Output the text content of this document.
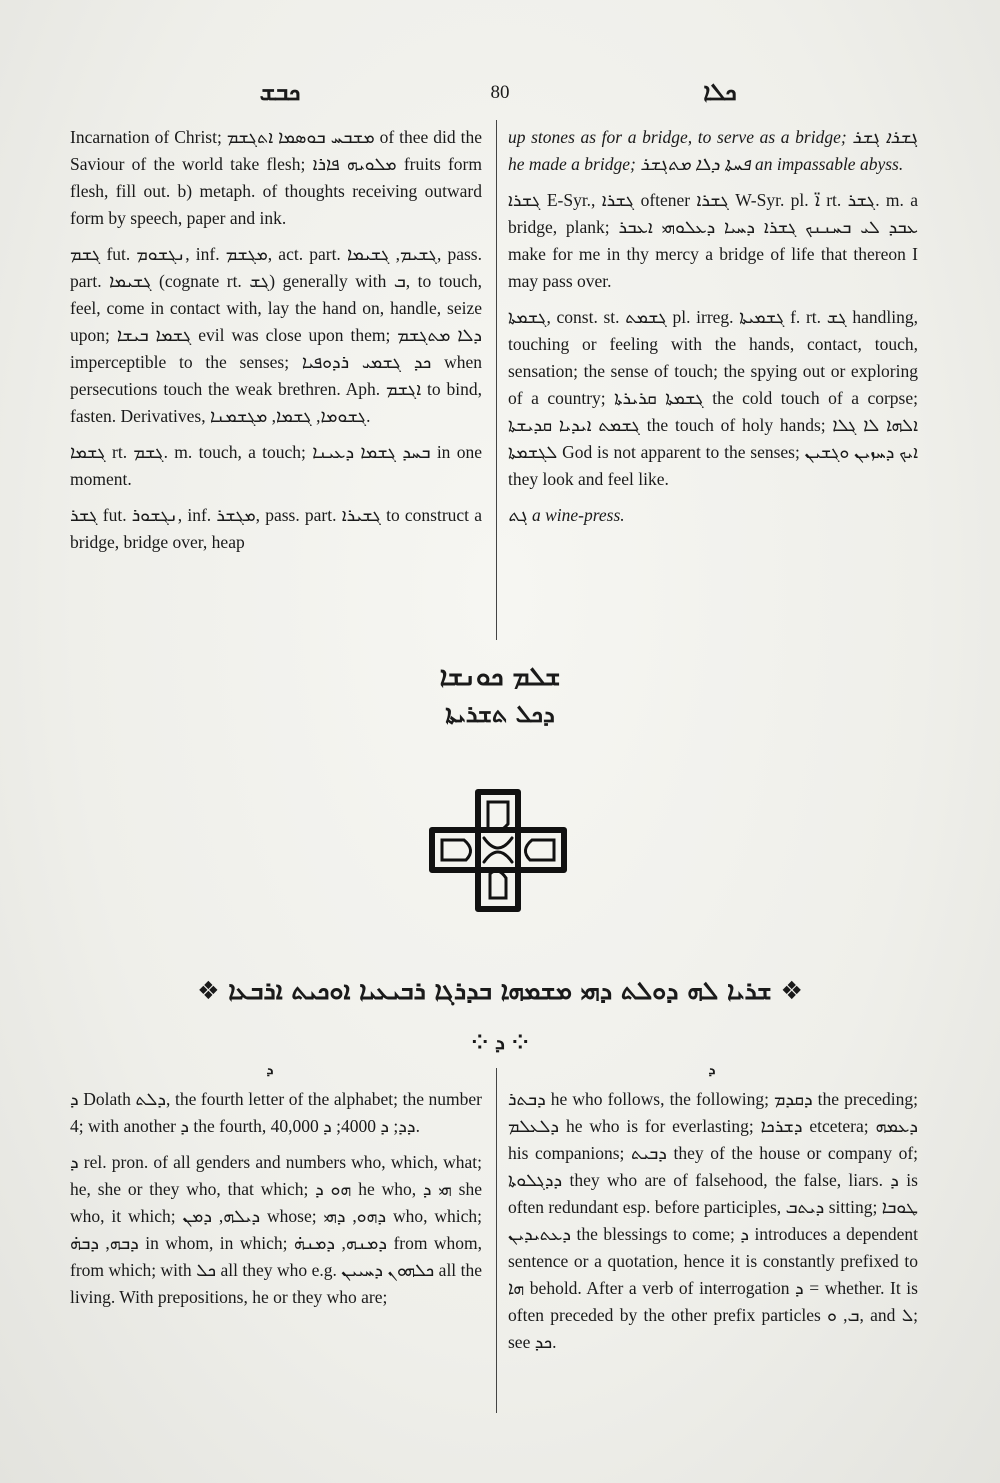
ܟܒܫ	80	ܟܠܐ

Incarnation of Christ; ܡܫܒܚ ܒܘܣܡܐ ܐܬܓܫܡ of thee did the Saviour of the world take flesh; ܡܠܘܝܗ ܦܐܪܐ fruits form flesh, fill out. b) metaph. of thoughts receiving outward form by speech, paper and ink.

ܓܫܡ fut. ܢܓܫܘܡ, inf. ܡܓܫܡ, act. part. ܓܫܝܡ, ܓܫܝܡܐ, pass. part. ܓܫܝܡܐ (cognate rt. ܓܫ) generally with ܒ, to touch, feel, come in contact with, lay the hand on, handle, seize upon; ܓܫܡܐ ܒܝܫܐ evil was close upon them; ܕܠܐ ܡܬܓܫܡ imperceptible to the senses; ܟܕ ܓܫܡܝ ܪܕܘܦܝܐ when persecutions touch the weak brethren. Aph. ܐܓܫܡ to bind, fasten. Derivatives, ܓܫܘܡܐ, ܓܫܡܐ, ܡܓܫܡܢܐ.

ܓܫܡܐ rt. ܓܫܡ. m. touch, a touch; ܒܚܕ ܓܫܡܐ ܕܥܝܢܐ in one moment.

ܓܫܪ fut. ܢܓܫܘܪ, inf. ܡܓܫܪ, pass. part. ܓܫܝܪܐ to construct a bridge, bridge over, heap

up stones as for a bridge, to serve as a bridge; ܓܫܪܐ ܓܫܪ he made a bridge; ܦܚܬܐ ܕܠܐ ܡܬܓܫܪ an impassable abyss.

ܓܫܪܐ E-Syr., ܓܫܪܐ oftener ܓܫܪܐ W-Syr. pl. ܐ̈ rt. ܓܫܪ. m. a bridge, plank; ܥܒܕ ܠܝ ܒܚܢܢܟ ܓܫܪܐ ܕܚܝܐ ܕܥܠܘܗܝ ܐܥܒܪ make for me in thy mercy a bridge of life that thereon I may pass over.

ܓܫܡܬܐ, const. st. ܓܫܡܬ pl. irreg. ܓܫܡܝܬܐ f. rt. ܓܫ handling, touching or feeling with the hands, contact, touch, sensation; the sense of touch; the spying out or exploring of a country; ܓܫܡܬܐ ܩܪܝܪܬܐ the cold touch of a corpse; ܓܫܡܬ ܐܝܕܝܐ ܩܕܝܫܬܐ the touch of holy hands; ܐܠܗܐ ܠܐ ܓܠܐ ܠܓܫܡܬܐ God is not apparent to the senses; ܐܝܟ ܕܚܙܝܢ ܘܓܫܝܢ they look and feel like.

ܓܬ a wine-press.

ܫܠܡ ܟܘܢܫܐ
ܕܟܠ ܬܫܪܝܬܐ
❖ ܫܪܝܐ ܠܗ ܕܘܠܬ ܕܗܝ ܡܫܡܗܐ ܒܕܪܓܐ ܪܒܝܥܝܐ ܐܘܟܝܬ ܐܪܒܥܐ ❖
⁘ ܕ ⁘
ܕ

ܕ Dolath ܕܠܬ, the fourth letter of the alphabet; the number 4; with another ܕ the fourth, ܕܕ; ܕ 4000; ܕ 40,000.

ܕ rel. pron. of all genders and numbers who, which, what; he, she or they who, that which; ܗܘ ܕ he who, ܗܝ ܕ she who, it which; ܕܝܠܗ, ܕܡܢ whose; ܕܗܘ, ܕܗܝ who, which; ܕܒܗ, ܕܒܗ̇ in whom, in which; ܕܡܢܗ, ܕܡܢܗ̇ from whom, from which; with ܟܠ all they who e.g. ܟܠܗܘܢ ܕܚܝܝܢ all the living. With prepositions, he or they who are;

ܕ

ܕܒܬܪ he who follows, the following; ܕܩܕܡ the preceding; ܕܠܥܠܡ he who is for everlasting; ܕܫܪܟܐ etcetera; ܕܥܡܗ his companions; ܕܒܝܬ they of the house or company of; ܕܕܓܠܘܬܐ they who are of falsehood, the false, liars. ܕ is often redundant esp. before participles, ܕܝܬܒ sitting; ܛܘܒܐ ܕܥܬܝܕܝܢ the blessings to come; ܕ introduces a dependent sentence or a quotation, hence it is constantly prefixed to ܗܐ behold. After a verb of interrogation ܕ = whether. It is often preceded by the other prefix particles ܒ, ܘ, and ܠ; see ܟܕ.
